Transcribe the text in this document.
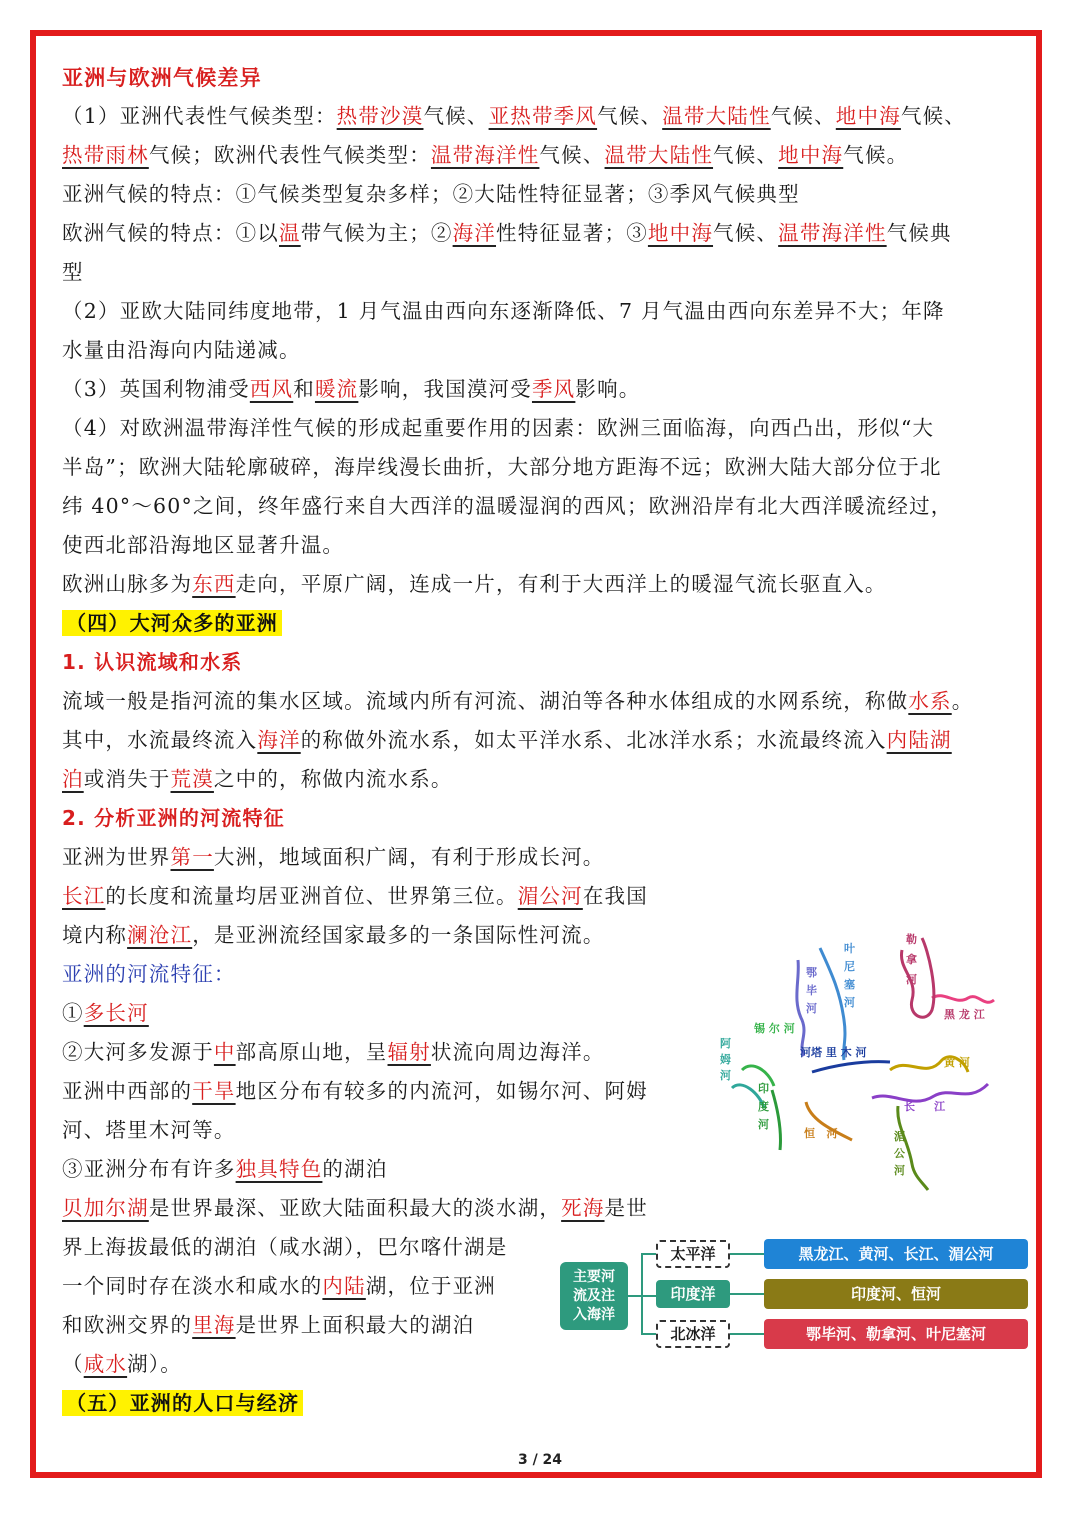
亚洲与欧洲气候差异
（1）亚洲代表性气候类型：热带沙漠气候、亚热带季风气候、温带大陆性气候、地中海气候、
热带雨林气候；欧洲代表性气候类型：温带海洋性气候、温带大陆性气候、地中海气候。
亚洲气候的特点：①气候类型复杂多样；②大陆性特征显著；③季风气候典型
欧洲气候的特点：①以温带气候为主；②海洋性特征显著；③地中海气候、温带海洋性气候典
型
（2）亚欧大陆同纬度地带，1 月气温由西向东逐渐降低、7 月气温由西向东差异不大；年降
水量由沿海向内陆递减。
（3）英国利物浦受西风和暖流影响，我国漠河受季风影响。
（4）对欧洲温带海洋性气候的形成起重要作用的因素：欧洲三面临海，向西凸出，形似“大
半岛”；欧洲大陆轮廓破碎，海岸线漫长曲折，大部分地方距海不远；欧洲大陆大部分位于北
纬 40°～60°之间，终年盛行来自大西洋的温暖湿润的西风；欧洲沿岸有北大西洋暖流经过，
使西北部沿海地区显著升温。
欧洲山脉多为东西走向，平原广阔，连成一片，有利于大西洋上的暖湿气流长驱直入。
（四）大河众多的亚洲
1. 认识流域和水系
流域一般是指河流的集水区域。流域内所有河流、湖泊等各种水体组成的水网系统，称做水系。
其中，水流最终流入海洋的称做外流水系，如太平洋水系、北冰洋水系；水流最终流入内陆湖
泊或消失于荒漠之中的，称做内流水系。
2. 分析亚洲的河流特征
亚洲为世界第一大洲，地域面积广阔，有利于形成长河。
长江的长度和流量均居亚洲首位、世界第三位。湄公河在我国
境内称澜沧江，是亚洲流经国家最多的一条国际性河流。
亚洲的河流特征：
①多长河
②大河多发源于中部高原山地，呈辐射状流向周边海洋。
亚洲中西部的干旱地区分布有较多的内流河，如锡尔河、阿姆
河、塔里木河等。
③亚洲分布有许多独具特色的湖泊
贝加尔湖是世界最深、亚欧大陆面积最大的淡水湖，死海是世
界上海拔最低的湖泊（咸水湖），巴尔喀什湖是
一个同时存在淡水和咸水的内陆湖，位于亚洲
和欧洲交界的里海是世界上面积最大的湖泊
（咸水湖）。
（五）亚洲的人口与经济
勒
拿
河
黑 龙 江
叶
尼
塞
河
鄂
毕
河
锡 尔 河
阿
姆
河
河塔 里 木 河
黄 河
长 江
印
度
河
恒 河	湄
公
河
主要河
流及注
入海洋
太平洋
印度洋
北冰洋
黑龙江、黄河、长江、湄公河
印度河、恒河
鄂毕河、勒拿河、叶尼塞河
3 / 24
